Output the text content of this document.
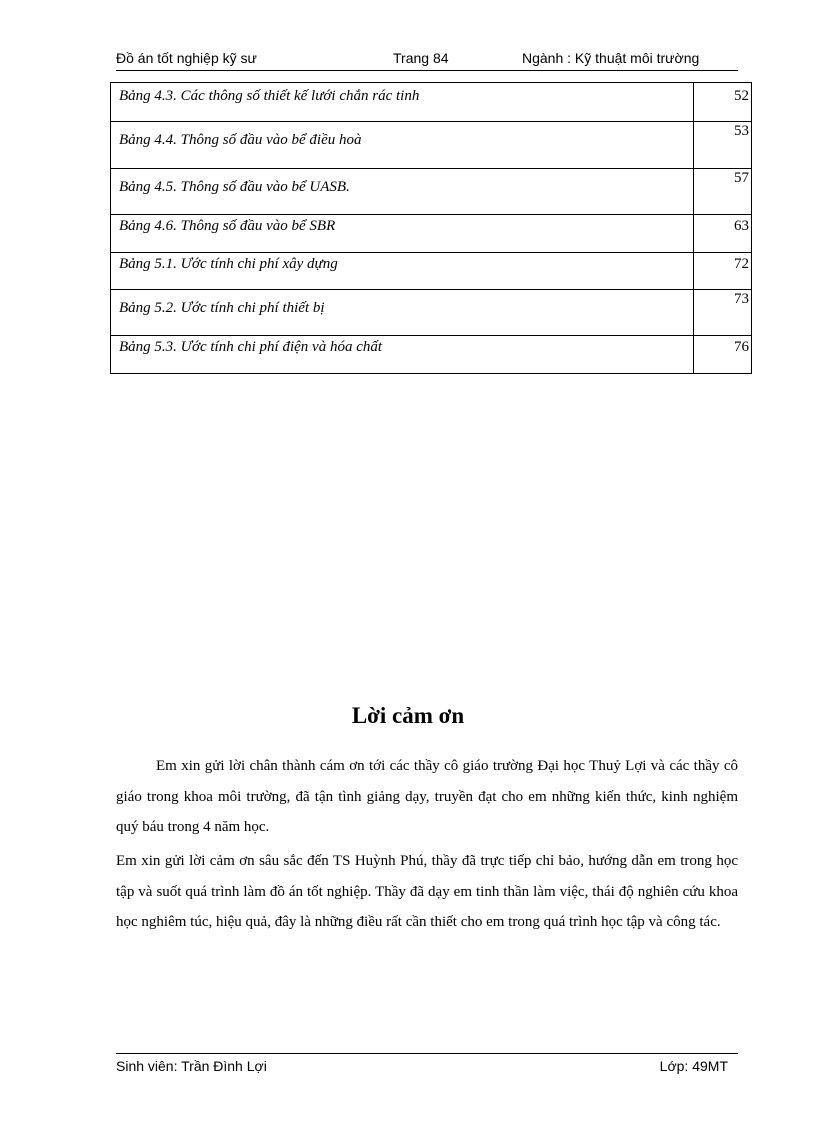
Đồ án tốt nghiệp kỹ sư	Trang 84	Ngành : Kỹ thuật môi trường
Bảng 4.3. Các thông số thiết kế lưới chắn rác tinh	52

Bảng 4.4. Thông số đầu vào bể điều hoà	53

Bảng 4.5. Thông số đầu vào bể UASB.	57

Bảng 4.6. Thông số đầu vào bể SBR	63

Bảng 5.1. Ước tính chi phí xây dựng	72

Bảng 5.2. Ước tính chi phí thiết bị	73

Bảng 5.3. Ước tính chi phí điện và hóa chất	76
Lời cảm ơn
Em xin gửi lời chân thành cám ơn tới các thầy cô giáo trường Đại học Thuỷ Lợi và các thầy cô giáo trong khoa môi trường, đã tận tình giảng dạy, truyền đạt cho em những kiến thức, kinh nghiệm quý báu trong 4 năm học.
Em xin gửi lời cảm ơn sâu sắc đến TS Huỳnh Phú, thầy đã trực tiếp chỉ bảo, hướng dẫn em trong học tập và suốt quá trình làm đồ án tốt nghiệp. Thầy đã dạy em tinh thần làm việc, thái độ nghiên cứu khoa học nghiêm túc, hiệu quả, đây là những điều rất cần thiết cho em trong quá trình học tập và công tác.
Sinh viên: Trần Đình Lợi	Lớp: 49MT
